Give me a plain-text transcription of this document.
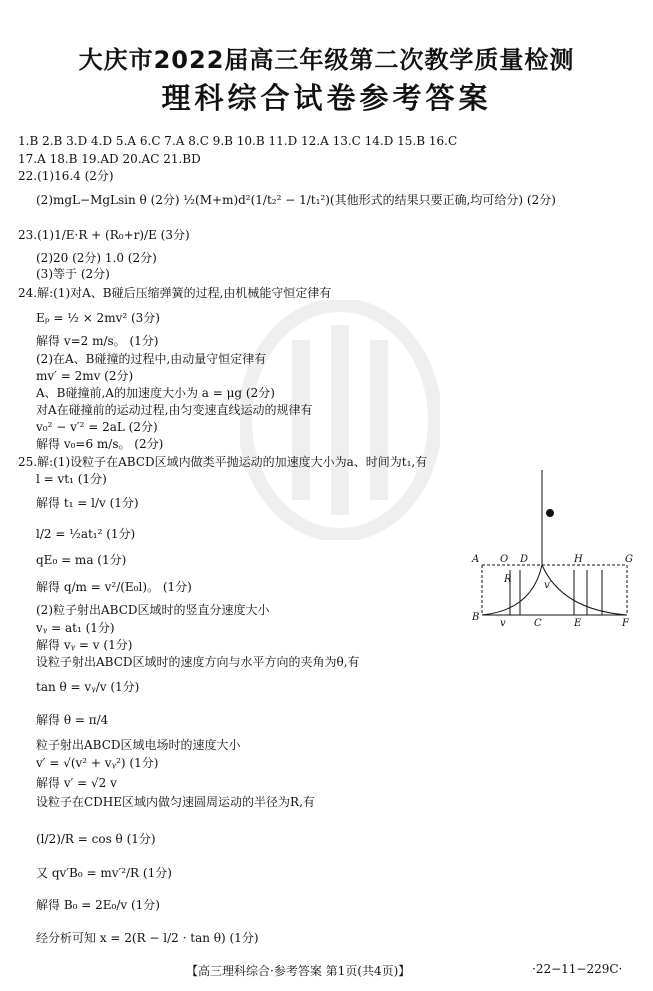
大庆市2022届高三年级第二次教学质量检测
理科综合试卷参考答案
1.B 2.B 3.D 4.D 5.A 6.C 7.A 8.C 9.B 10.B 11.D 12.A 13.C 14.D 15.B 16.C
17.A 18.B 19.AD 20.AC 21.BD
22.(1)16.4 (2分)
(2)mgL−MgLsin θ (2分) ½(M+m)d²(1/t₂² − 1/t₁²)(其他形式的结果只要正确,均可给分) (2分)
23.(1)1/E·R + (R₀+r)/E (3分)
(2)20 (2分) 1.0 (2分)
(3)等于 (2分)
24.解:(1)对A、B碰后压缩弹簧的过程,由机械能守恒定律有
Eₚ = ½ × 2mv² (3分)
解得 v=2 m/s。 (1分)
(2)在A、B碰撞的过程中,由动量守恒定律有
mv′ = 2mv (2分)
A、B碰撞前,A的加速度大小为 a = μg (2分)
对A在碰撞前的运动过程,由匀变速直线运动的规律有
v₀² − v′² = 2aL (2分)
解得 v₀=6 m/s。 (2分)
25.解:(1)设粒子在ABCD区域内做类平抛运动的加速度大小为a、时间为t₁,有
l = vt₁ (1分)
解得 t₁ = l/v (1分)
l/2 = ½at₁² (1分)
qE₀ = ma (1分)
解得 q/m = v²/(E₀l)。 (1分)
(2)粒子射出ABCD区域时的竖直分速度大小
vᵧ = at₁ (1分)
解得 vᵧ = v (1分)
设粒子射出ABCD区域时的速度方向与水平方向的夹角为θ,有
tan θ = vᵧ/v (1分)
解得 θ = π/4
粒子射出ABCD区域电场时的速度大小
v′ = √(v² + vᵧ²) (1分)
解得 v′ = √2 v
设粒子在CDHE区域内做匀速圆周运动的半径为R,有
(l/2)/R = cos θ (1分)
又 qv′B₀ = mv′²/R (1分)
解得 B₀ = 2E₀/v (1分)
经分析可知 x = 2(R − l/2 · tan θ) (1分)
A O D	H	G
R
v′
B
v	C	E	F
【高三理科综合·参考答案 第1页(共4页)】	·22−11−229C·
